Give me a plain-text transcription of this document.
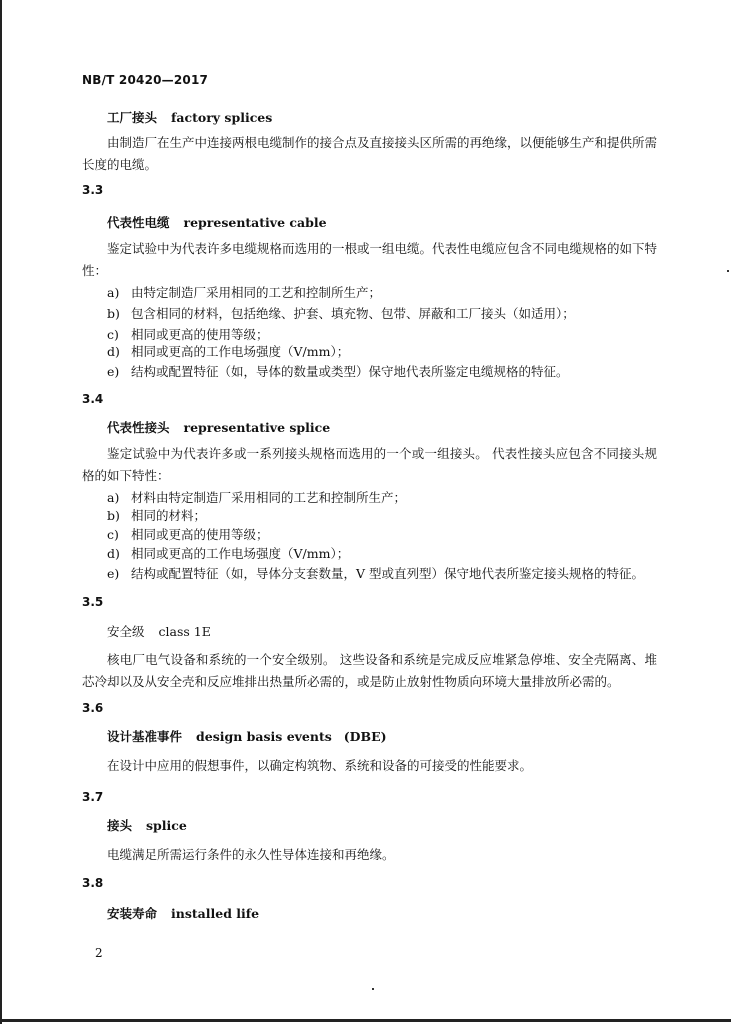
NB/T 20420—2017
工厂接头 factory splices
由制造厂在生产中连接两根电缆制作的接合点及直接接头区所需的再绝缘，以便能够生产和提供所需长度的电缆。
3.3
代表性电缆 representative cable
鉴定试验中为代表许多电缆规格而选用的一根或一组电缆。代表性电缆应包含不同电缆规格的如下特性：
a) 由特定制造厂采用相同的工艺和控制所生产；
b) 包含相同的材料，包括绝缘、护套、填充物、包带、屏蔽和工厂接头（如适用）；
c) 相同或更高的使用等级；
d) 相同或更高的工作电场强度（V/mm）；
e) 结构或配置特征（如，导体的数量或类型）保守地代表所鉴定电缆规格的特征。
3.4
代表性接头 representative splice
鉴定试验中为代表许多或一系列接头规格而选用的一个或一组接头。 代表性接头应包含不同接头规格的如下特性：
a) 材料由特定制造厂采用相同的工艺和控制所生产；
b) 相同的材料；
c) 相同或更高的使用等级；
d) 相同或更高的工作电场强度（V/mm）；
e) 结构或配置特征（如，导体分支套数量，V 型或直列型）保守地代表所鉴定接头规格的特征。
3.5
安全级 class 1E
核电厂电气设备和系统的一个安全级别。 这些设备和系统是完成反应堆紧急停堆、安全壳隔离、堆芯冷却以及从安全壳和反应堆排出热量所必需的，或是防止放射性物质向环境大量排放所必需的。
3.6
设计基准事件 design basis events (DBE)
在设计中应用的假想事件，以确定构筑物、系统和设备的可接受的性能要求。
3.7
接头 splice
电缆满足所需运行条件的永久性导体连接和再绝缘。
3.8
安装寿命 installed life
2
